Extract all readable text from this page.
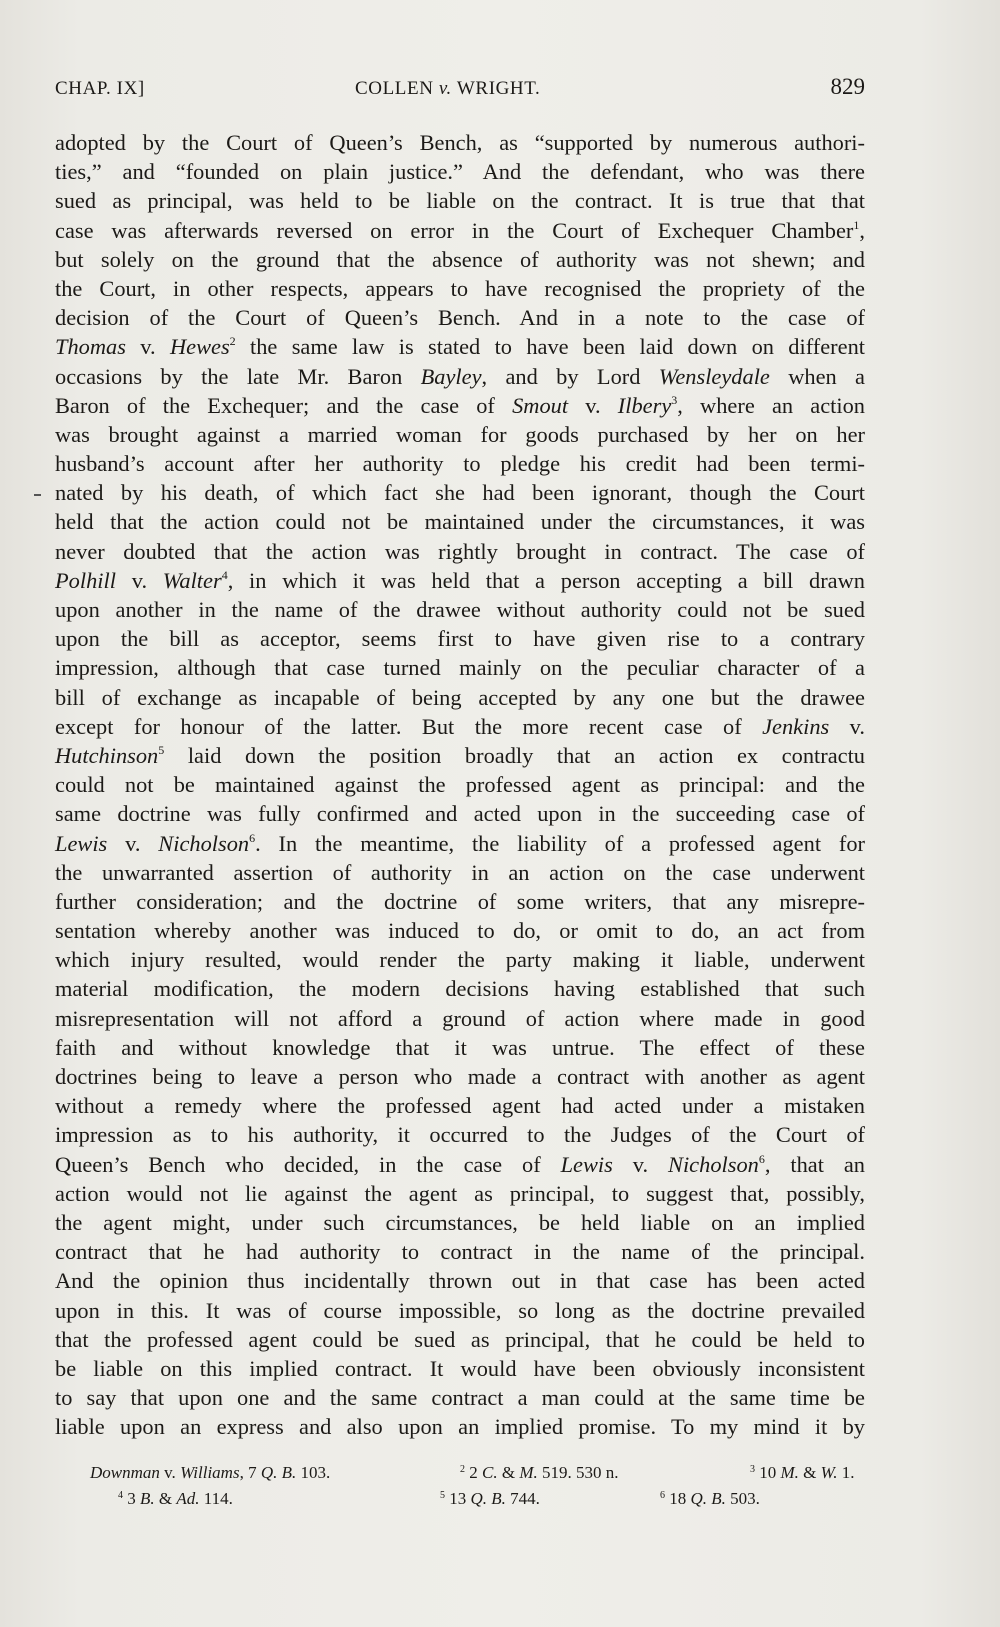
CHAP. IX]	COLLEN v. WRIGHT.	829
adopted by the Court of Queen’s Bench, as “supported by numerous authori-
ties,” and “founded on plain justice.” And the defendant, who was there
sued as principal, was held to be liable on the contract. It is true that that
case was afterwards reversed on error in the Court of Exchequer Chamber$^1$,
but solely on the ground that the absence of authority was not shewn; and
the Court, in other respects, appears to have recognised the propriety of the
decision of the Court of Queen’s Bench. And in a note to the case of
Thomas v. Hewes$^2$ the same law is stated to have been laid down on different
occasions by the late Mr. Baron Bayley, and by Lord Wensleydale when a
Baron of the Exchequer; and the case of Smout v. Ilbery$^3$, where an action
was brought against a married woman for goods purchased by her on her
husband’s account after her authority to pledge his credit had been termi-
nated by his death, of which fact she had been ignorant, though the Court
held that the action could not be maintained under the circumstances, it was
never doubted that the action was rightly brought in contract. The case of
Polhill v. Walter$^4$, in which it was held that a person accepting a bill drawn
upon another in the name of the drawee without authority could not be sued
upon the bill as acceptor, seems first to have given rise to a contrary
impression, although that case turned mainly on the peculiar character of a
bill of exchange as incapable of being accepted by any one but the drawee
except for honour of the latter. But the more recent case of Jenkins v.
Hutchinson$^5$ laid down the position broadly that an action ex contractu
could not be maintained against the professed agent as principal: and the
same doctrine was fully confirmed and acted upon in the succeeding case of
Lewis v. Nicholson$^6$. In the meantime, the liability of a professed agent for
the unwarranted assertion of authority in an action on the case underwent
further consideration; and the doctrine of some writers, that any misrepre-
sentation whereby another was induced to do, or omit to do, an act from
which injury resulted, would render the party making it liable, underwent
material modification, the modern decisions having established that such
misrepresentation will not afford a ground of action where made in good
faith and without knowledge that it was untrue. The effect of these
doctrines being to leave a person who made a contract with another as agent
without a remedy where the professed agent had acted under a mistaken
impression as to his authority, it occurred to the Judges of the Court of
Queen’s Bench who decided, in the case of Lewis v. Nicholson$^6$, that an
action would not lie against the agent as principal, to suggest that, possibly,
the agent might, under such circumstances, be held liable on an implied
contract that he had authority to contract in the name of the principal.
And the opinion thus incidentally thrown out in that case has been acted
upon in this. It was of course impossible, so long as the doctrine prevailed
that the professed agent could be sued as principal, that he could be held to
be liable on this implied contract. It would have been obviously inconsistent
to say that upon one and the same contract a man could at the same time be
liable upon an express and also upon an implied promise. To my mind it by
Downman v. Williams, 7 Q. B. 103.	$^2$ 2 C. & M. 519. 530 n.	$^3$ 10 M. & W. 1.
$^4$ 3 B. & Ad. 114.	$^5$ 13 Q. B. 744.	$^6$ 18 Q. B. 503.
